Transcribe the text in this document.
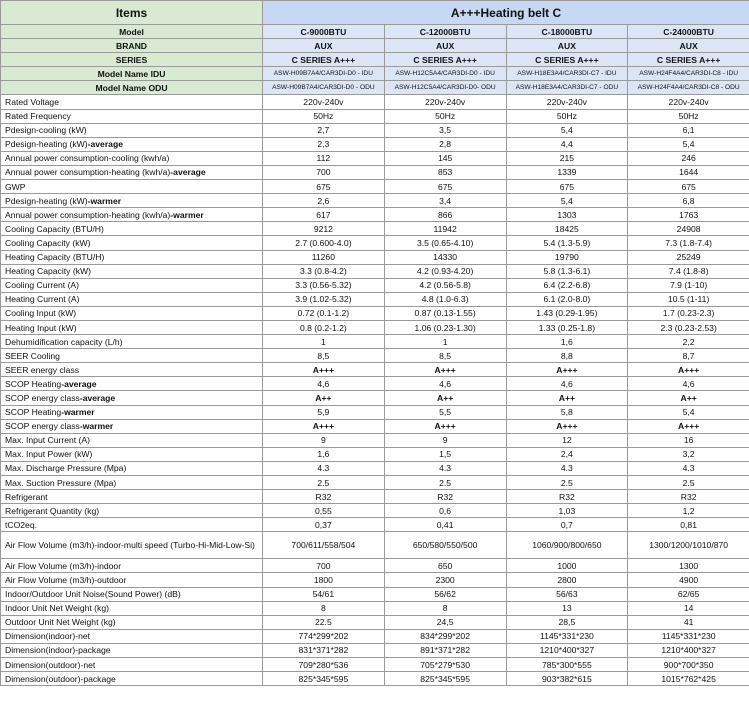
Items	A+++Heating belt C			
Model	C-9000BTU	C-12000BTU	C-18000BTU	C-24000BTU
BRAND	AUX	AUX	AUX	AUX
SERIES	C SERIES A+++	C SERIES A+++	C SERIES A+++	C SERIES A+++
Model Name IDU	ASW-H09B7A4/CAR3DI-D0 - IDU	ASW-H12C5A4/CAR3DI-D0 - IDU	ASW-H18E3A4/CAR3DI-C7 - IDU	ASW-H24F4A4/CAR3DI-C8 - IDU
Model Name ODU	ASW-H09B7A4/CAR3DI-D0 - ODU	ASW-H12C5A4/CAR3DI-D0- ODU	ASW-H18E3A4/CAR3DI-C7 - ODU	ASW-H24F4A4/CAR3DI-C8 - ODU
Rated Voltage	220v-240v	220v-240v	220v-240v	220v-240v
Rated Frequency	50Hz	50Hz	50Hz	50Hz
Pdesign-cooling (kW)	2,7	3,5	5,4	6,1
Pdesign-heating (kW)-average	2,3	2,8	4,4	5,4
Annual power consumption-cooling (kwh/a)	112	145	215	246
Annual power consumption-heating (kwh/a)-average	700	853	1339	1644
GWP	675	675	675	675
Pdesign-heating (kW)-warmer	2,6	3,4	5,4	6,8
Annual power consumption-heating (kwh/a)-warmer	617	866	1303	1763
Cooling Capacity (BTU/H)	9212	11942	18425	24908
Cooling Capacity (kW)	2.7 (0.600-4.0)	3.5 (0.65-4.10)	5.4 (1.3-5.9)	7.3 (1.8-7.4)
Heating Capacity (BTU/H)	11260	14330	19790	25249
Heating Capacity (kW)	3.3 (0.8-4.2)	4.2 (0.93-4.20)	5.8 (1.3-6.1)	7.4 (1.8-8)
Cooling Current (A)	3.3 (0.56-5.32)	4.2 (0.56-5.8)	6.4 (2.2-6.8)	7.9 (1-10)
Heating Current (A)	3.9 (1.02-5.32)	4.8 (1.0-6.3)	6.1 (2.0-8.0)	10.5 (1-11)
Cooling Input (kW)	0.72 (0.1-1.2)	0.87 (0.13-1.55)	1.43 (0.29-1.95)	1.7 (0.23-2.3)
Heating Input (kW)	0.8 (0.2-1.2)	1.06 (0.23-1.30)	1.33 (0.25-1.8)	2.3 (0.23-2.53)
Dehumidification capacity (L/h)	1	1	1,6	2,2
SEER Cooling	8,5	8,5	8,8	8,7
SEER energy class	A+++	A+++	A+++	A+++
SCOP Heating-average	4,6	4,6	4,6	4,6
SCOP energy class-average	A++	A++	A++	A++
SCOP Heating-warmer	5,9	5,5	5,8	5,4
SCOP energy class-warmer	A+++	A+++	A+++	A+++
Max. Input Current (A)	9	9	12	16
Max. Input Power (kW)	1,6	1,5	2,4	3,2
Max. Discharge Pressure (Mpa)	4.3	4.3	4.3	4.3
Max. Suction Pressure (Mpa)	2.5	2.5	2.5	2.5
Refrigerant	R32	R32	R32	R32
Refrigerant Quantity (kg)	0,55	0,6	1,03	1,2
tCO2eq.	0,37	0,41	0,7	0,81
Air Flow Volume (m3/h)-indoor-multi speed (Turbo-Hi-Mid-Low-Si)	700/611/558/504	650/580/550/500	1060/900/800/650	1300/1200/1010/870
Air Flow Volume (m3/h)-indoor	700	650	1000	1300
Air Flow Volume (m3/h)-outdoor	1800	2300	2800	4900
Indoor/Outdoor Unit Noise(Sound Power) (dB)	54/61	56/62	56/63	62/65
Indoor Unit Net Weight (kg)	8	8	13	14
Outdoor Unit Net Weight (kg)	22.5	24,5	28,5	41
Dimension(indoor)-net	774*299*202	834*299*202	1145*331*230	1145*331*230
Dimension(indoor)-package	831*371*282	891*371*282	1210*400*327	1210*400*327
Dimension(outdoor)-net	709*280*536	705*279*530	785*300*555	900*700*350
Dimension(outdoor)-package	825*345*595	825*345*595	903*382*615	1015*762*425
